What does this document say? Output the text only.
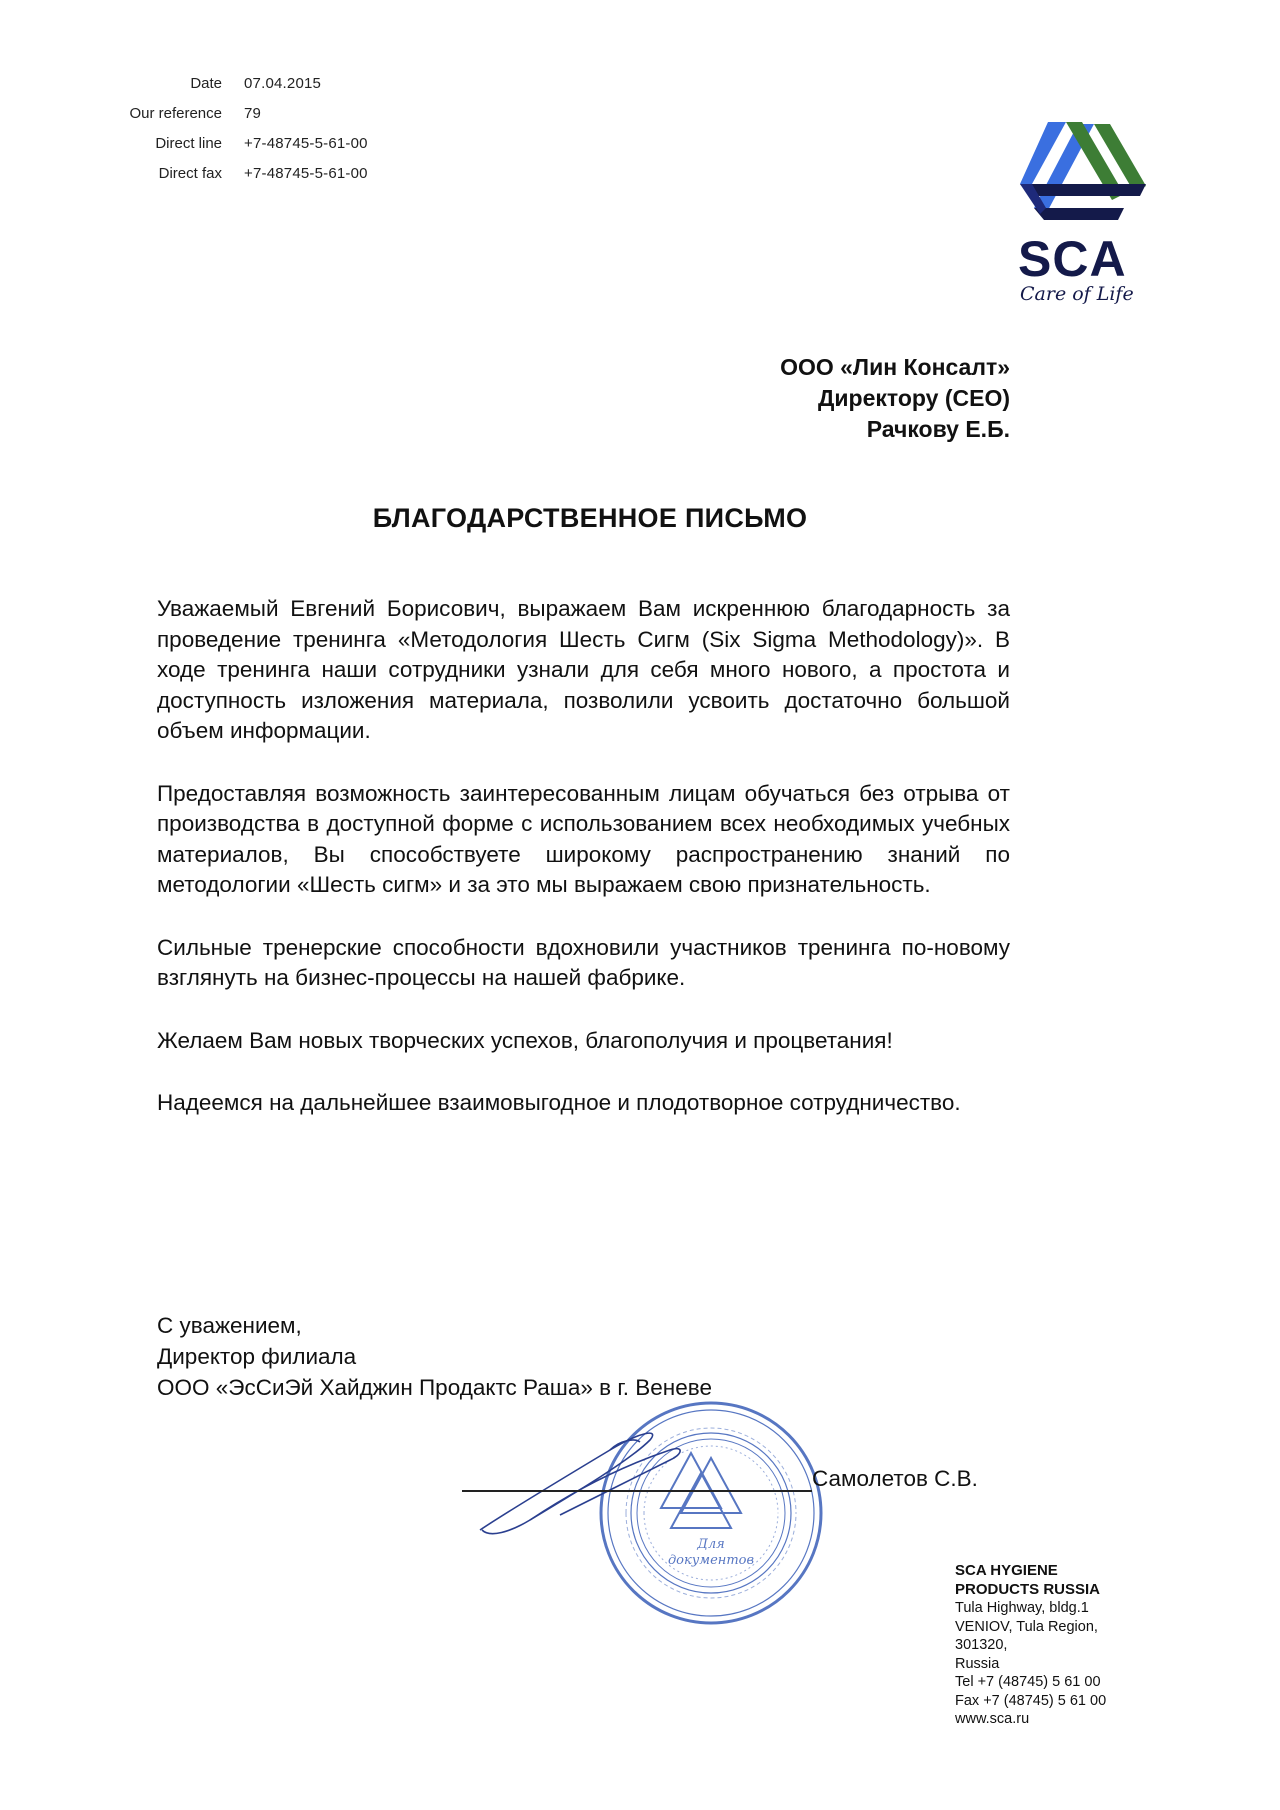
Date	07.04.2015
Our reference	79
Direct line	+7-48745-5-61-00
Direct fax	+7-48745-5-61-00
SCA
Care of Life
ООО «Лин Консалт»
Директору (CEO)
Рачкову Е.Б.
БЛАГОДАРСТВЕННОЕ ПИСЬМО

Уважаемый Евгений Борисович, выражаем Вам искреннюю благодарность за проведение тренинга «Методология Шесть Сигм (Six Sigma Methodology)». В ходе тренинга наши сотрудники узнали для себя много нового, а простота и доступность изложения материала, позволили усвоить достаточно большой объем информации.

Предоставляя возможность заинтересованным лицам обучаться без отрыва от производства в доступной форме с использованием всех необходимых учебных материалов, Вы способствуете широкому распространению знаний по методологии «Шесть сигм» и за это мы выражаем свою признательность.

Сильные тренерские способности вдохновили участников тренинга по-новому взглянуть на бизнес-процессы на нашей фабрике.

Желаем Вам новых творческих успехов, благополучия и процветания!

Надеемся на дальнейшее взаимовыгодное и плодотворное сотрудничество.

С уважением,
Директор филиала
ООО «ЭсСиЭй Хайджин Продактс Раша» в г. Веневе
Для
документов
Самолетов С.В.
SCA HYGIENE
PRODUCTS RUSSIA
Tula Highway, bldg.1
VENIOV, Tula Region,
301320,
Russia
Tel +7 (48745) 5 61 00
Fax +7 (48745) 5 61 00
www.sca.ru
